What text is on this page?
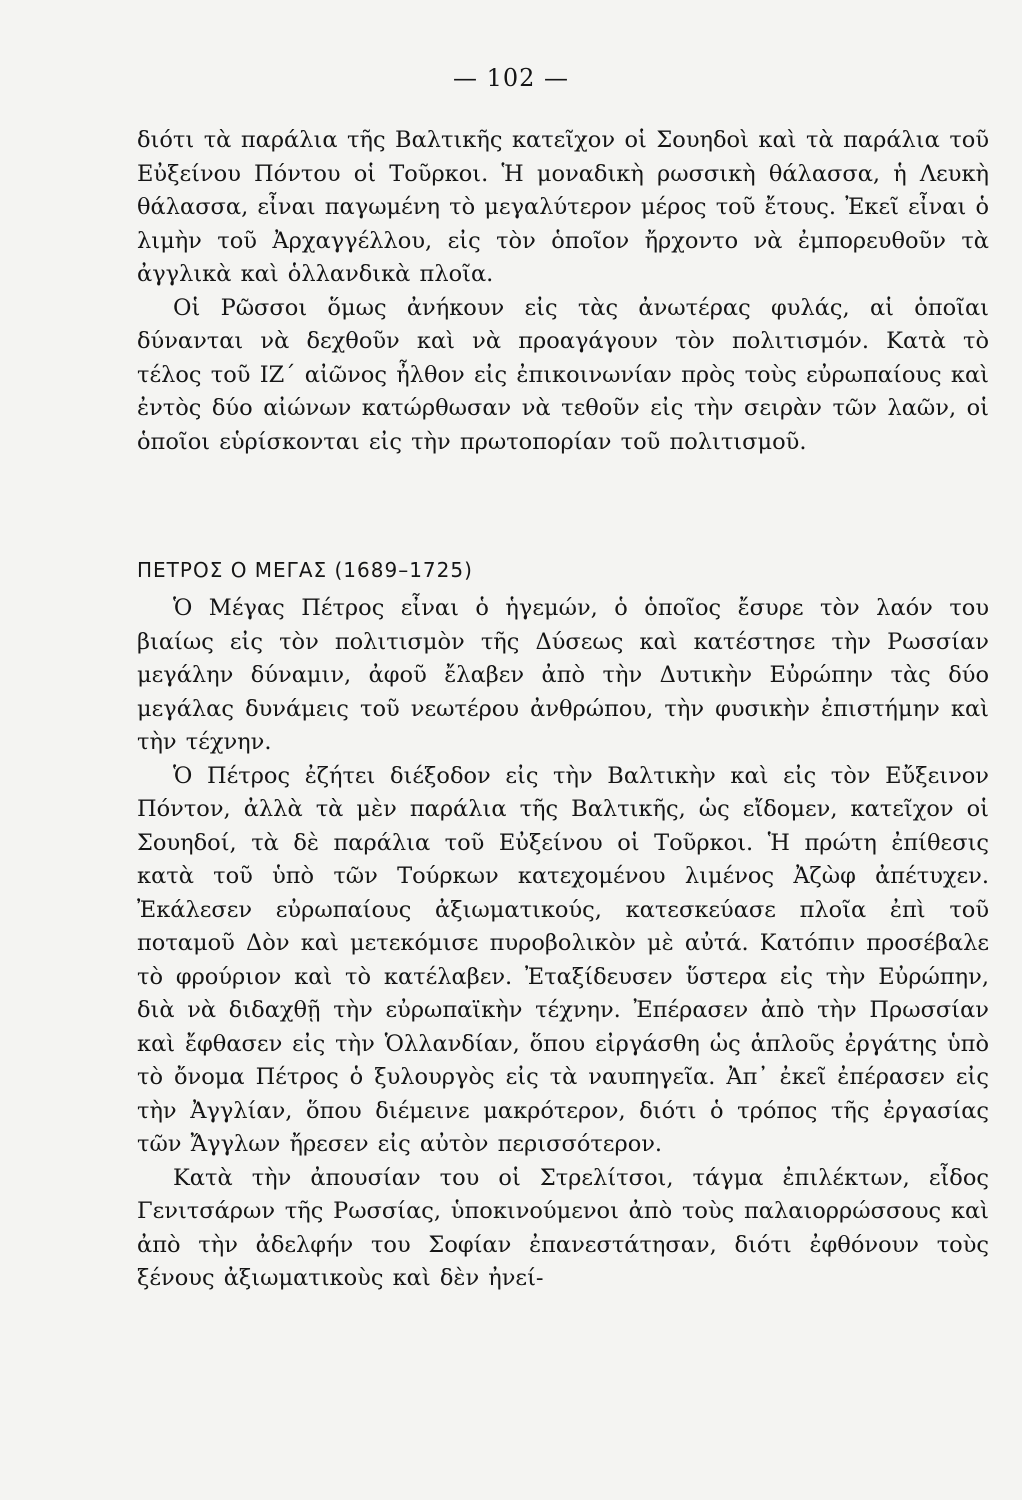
— 102 —

διότι τὰ παράλια τῆς Βαλτικῆς κατεῖχον οἱ Σουηδοὶ καὶ τὰ παράλια τοῦ Εὐξείνου Πόντου οἱ Τοῦρκοι. Ἡ μοναδικὴ ρωσσικὴ θάλασσα, ἡ Λευκὴ θάλασσα, εἶναι παγωμένη τὸ μεγαλύτερον μέρος τοῦ ἔτους. Ἐκεῖ εἶναι ὁ λιμὴν τοῦ Ἀρχαγγέλλου, εἰς τὸν ὁποῖον ἤρχοντο νὰ ἐμπορευθοῦν τὰ ἀγγλικὰ καὶ ὁλλανδικὰ πλοῖα.

Οἱ Ρῶσσοι ὅμως ἀνήκουν εἰς τὰς ἀνωτέρας φυλάς, αἱ ὁποῖαι δύνανται νὰ δεχθοῦν καὶ νὰ προαγάγουν τὸν πολιτισμόν. Κατὰ τὸ τέλος τοῦ ΙΖ΄ αἰῶνος ἦλθον εἰς ἐπικοινωνίαν πρὸς τοὺς εὐρωπαίους καὶ ἐντὸς δύο αἰώνων κατώρθωσαν νὰ τεθοῦν εἰς τὴν σειρὰν τῶν λαῶν, οἱ ὁποῖοι εὑρίσκονται εἰς τὴν πρωτοπορίαν τοῦ πολιτισμοῦ.

ΠΕΤΡΟΣ Ο ΜΕΓΑΣ (1689–1725)

Ὁ Μέγας Πέτρος εἶναι ὁ ἡγεμών, ὁ ὁποῖος ἔσυρε τὸν λαόν του βιαίως εἰς τὸν πολιτισμὸν τῆς Δύσεως καὶ κατέστησε τὴν Ρωσσίαν μεγάλην δύναμιν, ἀφοῦ ἔλαβεν ἀπὸ τὴν Δυτικὴν Εὐρώπην τὰς δύο μεγάλας δυνάμεις τοῦ νεωτέρου ἀνθρώπου, τὴν φυσικὴν ἐπιστήμην καὶ τὴν τέχνην.

Ὁ Πέτρος ἐζήτει διέξοδον εἰς τὴν Βαλτικὴν καὶ εἰς τὸν Εὔξεινον Πόντον, ἀλλὰ τὰ μὲν παράλια τῆς Βαλτικῆς, ὡς εἴδομεν, κατεῖχον οἱ Σουηδοί, τὰ δὲ παράλια τοῦ Εὐξείνου οἱ Τοῦρκοι. Ἡ πρώτη ἐπίθεσις κατὰ τοῦ ὑπὸ τῶν Τούρκων κατεχομένου λιμένος Ἀζὼφ ἀπέτυχεν. Ἐκάλεσεν εὐρωπαίους ἀξιωματικούς, κατεσκεύασε πλοῖα ἐπὶ τοῦ ποταμοῦ Δὸν καὶ μετεκόμισε πυροβολικὸν μὲ αὐτά. Κατόπιν προσέβαλε τὸ φρούριον καὶ τὸ κατέλαβεν. Ἐταξίδευσεν ὕστερα εἰς τὴν Εὐρώπην, διὰ νὰ διδαχθῇ τὴν εὐρωπαϊκὴν τέχνην. Ἐπέρασεν ἀπὸ τὴν Πρωσσίαν καὶ ἔφθασεν εἰς τὴν Ὁλλανδίαν, ὅπου εἰργάσθη ὡς ἁπλοῦς ἐργάτης ὑπὸ τὸ ὄνομα Πέτρος ὁ ξυλουργὸς εἰς τὰ ναυπηγεῖα. Ἀπ᾽ ἐκεῖ ἐπέρασεν εἰς τὴν Ἀγγλίαν, ὅπου διέμεινε μακρότερον, διότι ὁ τρόπος τῆς ἐργασίας τῶν Ἄγγλων ἤρεσεν εἰς αὐτὸν περισσότερον.

Κατὰ τὴν ἀπουσίαν του οἱ Στρελίτσοι, τάγμα ἐπιλέκτων, εἶδος Γενιτσάρων τῆς Ρωσσίας, ὑποκινούμενοι ἀπὸ τοὺς παλαιορρώσσους καὶ ἀπὸ τὴν ἀδελφήν του Σοφίαν ἐπανεστάτησαν, διότι ἐφθόνουν τοὺς ξένους ἀξιωματικοὺς καὶ δὲν ἠνεί-
